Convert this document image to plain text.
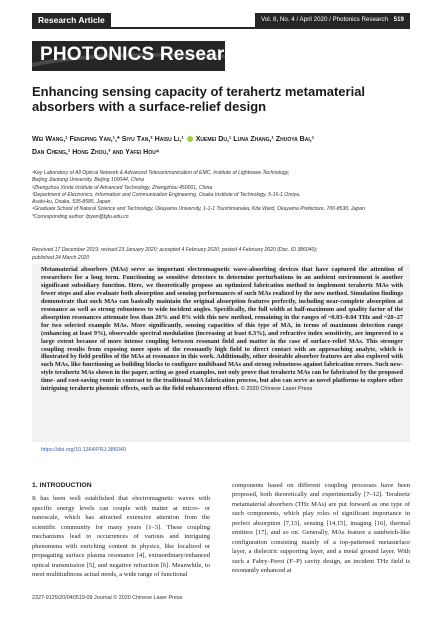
Research Article	Vol. 8, No. 4 / April 2020 / Photonics Research 519
PHOTONICS Research
Enhancing sensing capacity of terahertz metamaterial absorbers with a surface-relief design
Wei Wang,¹ Fengping Yan,¹,* Siyu Tan,² Haisu Li,¹ Xuemei Du,¹ Luna Zhang,¹ Zhuoya Bai,¹
Dan Cheng,¹ Hong Zhou,³ and Yafei Hou⁴

¹Key Laboratory of All Optical Network & Advanced Telecommunication of EMC, Institute of Lightwave Technology,

Beijing Jiaotong University, Beijing 100044, China

²Zhengzhou Xinda Institute of Advanced Technology, Zhengzhou 450001, China

³Department of Electronics, Information and Communication Engineering, Osaka Institute of Technology, 5-16-1 Omiya,

Asahi-ku, Osaka, 535-8585, Japan

⁴Graduate School of Natural Science and Technology, Okayama University, 1-1-1 Tsushimanaka, Kita Ward, Okayama Prefecture, 700-8530, Japan

*Corresponding author: fpyan@bjtu.edu.cn

Received 17 December 2019; revised 23 January 2020; accepted 4 February 2020; posted 4 February 2020 (Doc. ID 386040);

published 24 March 2020

Metamaterial absorbers (MAs) serve as important electromagnetic wave-absorbing devices that have captured the attention of researchers for a long term. Functioning as sensitive detectors to determine perturbations in an ambient environment is another significant subsidiary function. Here, we theoretically propose an optimized fabrication method to implement terahertz MAs with fewer steps and also evaluate both absorption and sensing performances of such MAs realized by the new method. Simulation findings demonstrate that such MAs can basically maintain the original absorption features perfectly, including near-complete absorption at resonance as well as strong robustness to wide incident angles. Specifically, the full width at half-maximum and quality factor of the absorption resonances attenuate less than 26% and 8% with this new method, remaining in the ranges of ~0.03–0.04 THz and ~20–27 for two selected example MAs. More significantly, sensing capacities of this type of MA, in terms of maximum detection range (enhancing at least 9%), observable spectral modulation (increasing at least 6.3%), and refractive index sensitivity, are improved to a large extent because of more intense coupling between resonant field and matter in the case of surface-relief MAs. This stronger coupling results from exposing more spots of the resonantly high field to direct contact with an approaching analyte, which is illustrated by field profiles of the MAs at resonance in this work. Additionally, other desirable absorber features are also explored with such MAs, like functioning as building blocks to configure multiband MAs and strong robustness against fabrication errors. Such new-style terahertz MAs shown in the paper, acting as good examples, not only prove that terahertz MAs can be fabricated by the proposed time- and cost-saving route in contrast to the traditional MA fabrication process, but also can serve as novel platforms to explore other intriguing terahertz photonic effects, such as the field enhancement effect. © 2020 Chinese Laser Press
https://doi.org/10.1364/PRJ.386040
1. INTRODUCTION

It has been well established that electromagnetic waves with specific energy levels can couple with matter at micro- or nanoscale, which has attracted extensive attention from the scientific community for many years [1–3]. These coupling mechanisms lead to occurrences of various and intriguing phenomena with enriching content in physics, like localized or propagating surface plasma resonance [4], extraordinary/enhanced optical transmission [5], and negative refraction [6]. Meanwhile, to meet multitudinous actual needs, a wide range of functional

components based on different coupling processes have been proposed, both theoretically and experimentally [7–12]. Terahertz metamaterial absorbers (THz MAs) are put forward as one type of such components, which play roles of significant importance in perfect absorption [7,13], sensing [14,15], imaging [16], thermal emitters [17], and so on. Generally, MAs feature a sandwich-like configuration consisting mainly of a top-patterned metasurface layer, a dielectric supporting layer, and a metal ground layer. With such a Fabry–Perot (F–P) cavity design, an incident THz field is resonantly enhanced at

2327-9125/20/040519-09 Journal © 2020 Chinese Laser Press
